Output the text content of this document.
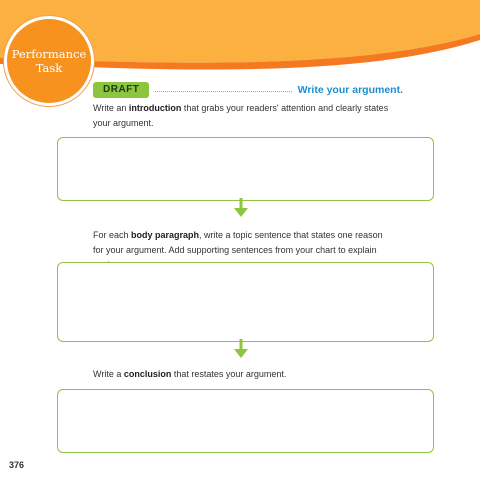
Performance
Task
DRAFT	Write your argument.
Write an introduction that grabs your readers' attention and clearly states your argument.
For each body paragraph, write a topic sentence that states one reason for your argument. Add supporting sentences from your chart to explain
Write a conclusion that restates your argument.
376
